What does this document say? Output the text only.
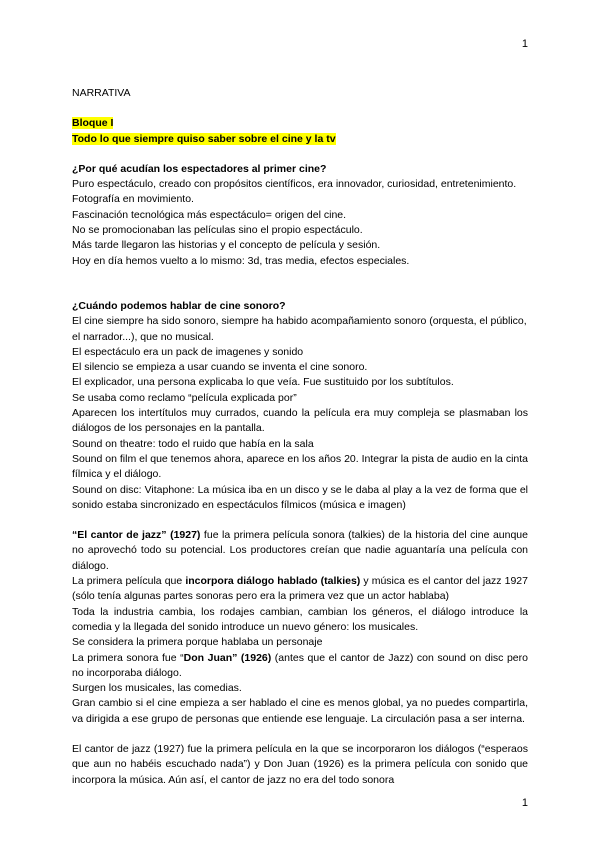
1

NARRATIVA

Bloque I

Todo lo que siempre quiso saber sobre el cine y la tv

¿Por qué acudían los espectadores al primer cine?

Puro espectáculo, creado con propósitos científicos, era innovador, curiosidad, entretenimiento. Fotografía en movimiento.

Fascinación tecnológica más espectáculo= origen del cine.

No se promocionaban las películas sino el propio espectáculo.

Más tarde llegaron las historias y el concepto de película y sesión.

Hoy en día hemos vuelto a lo mismo: 3d, tras media, efectos especiales.

¿Cuándo podemos hablar de cine sonoro?

El cine siempre ha sido sonoro, siempre ha habido acompañamiento sonoro (orquesta, el público, el narrador...), que no musical.

El espectáculo era un pack de imagenes y sonido

El silencio se empieza a usar cuando se inventa el cine sonoro.

El explicador, una persona explicaba lo que veía. Fue sustituido por los subtítulos.

Se usaba como reclamo “película explicada por”

Aparecen los intertítulos muy currados, cuando la película era muy compleja se plasmaban los diálogos de los personajes en la pantalla.

Sound on theatre: todo el ruido que había en la sala

Sound on film el que tenemos ahora, aparece en los años 20. Integrar la pista de audio en la cinta fílmica y el diálogo.

Sound on disc: Vitaphone: La música iba en un disco y se le daba al play a la vez de forma que el sonido estaba sincronizado en espectáculos fílmicos (música e imagen)

“El cantor de jazz” (1927) fue la primera película sonora (talkies) de la historia del cine aunque no aprovechó todo su potencial. Los productores creían que nadie aguantaría una película con diálogo.

La primera película que incorpora diálogo hablado (talkies) y música es el cantor del jazz 1927 (sólo tenía algunas partes sonoras pero era la primera vez que un actor hablaba)

Toda la industria cambia, los rodajes cambian, cambian los géneros, el diálogo introduce la comedia y la llegada del sonido introduce un nuevo género: los musicales.

Se considera la primera porque hablaba un personaje

La primera sonora fue “Don Juan” (1926) (antes que el cantor de Jazz) con sound on disc pero no incorporaba diálogo.

Surgen los musicales, las comedias.

Gran cambio si el cine empieza a ser hablado el cine es menos global, ya no puedes compartirla, va dirigida a ese grupo de personas que entiende ese lenguaje. La circulación pasa a ser interna.

El cantor de jazz (1927) fue la primera película en la que se incorporaron los diálogos (“esperaos que aun no habéis escuchado nada”) y Don Juan (1926) es la primera película con sonido que incorpora la música. Aún así, el cantor de jazz no era del todo sonora

1
